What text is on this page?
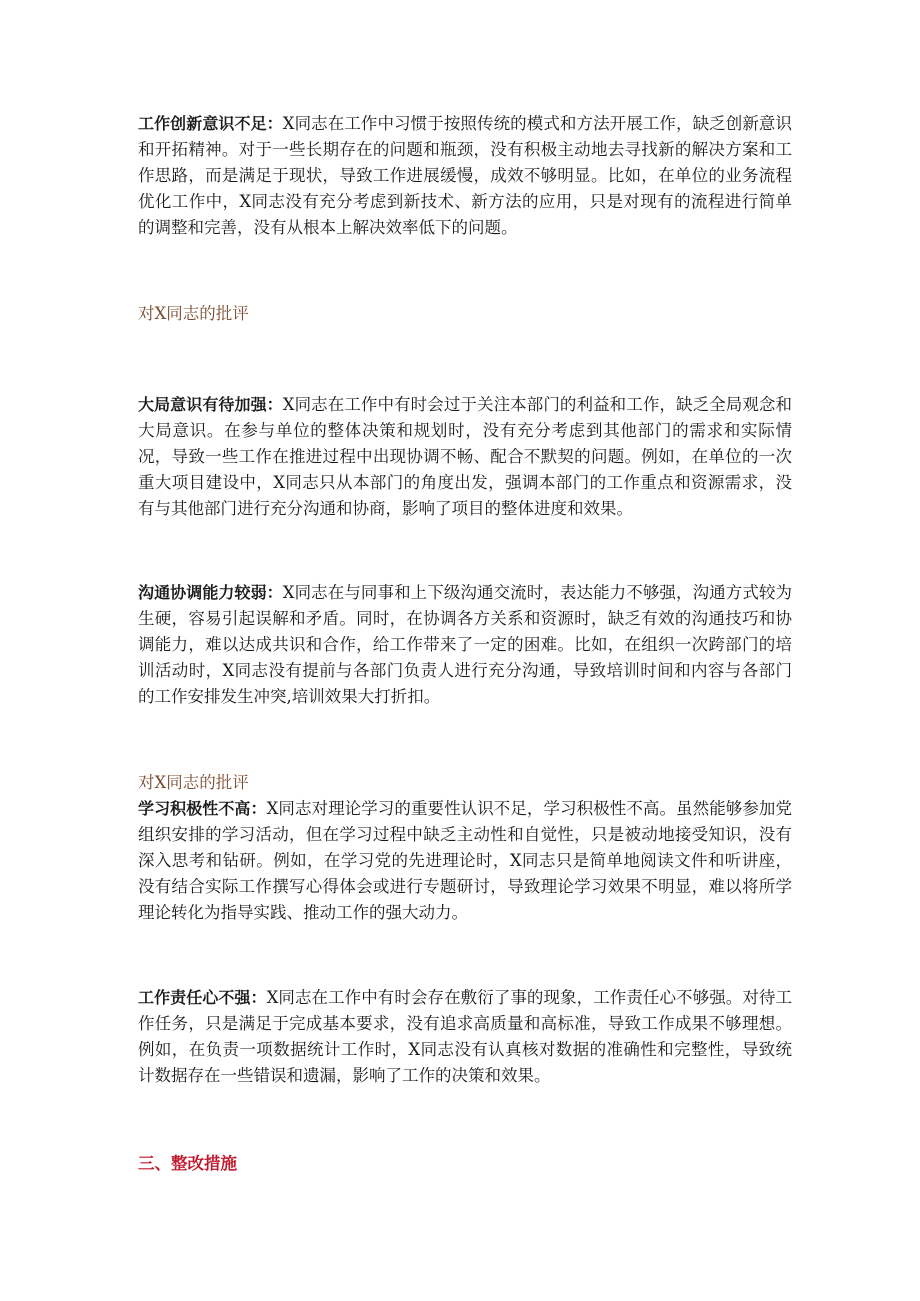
工作创新意识不足：X同志在工作中习惯于按照传统的模式和方法开展工作，缺乏创新意识和开拓精神。对于一些长期存在的问题和瓶颈，没有积极主动地去寻找新的解决方案和工作思路，而是满足于现状，导致工作进展缓慢，成效不够明显。比如，在单位的业务流程优化工作中，X同志没有充分考虑到新技术、新方法的应用，只是对现有的流程进行简单的调整和完善，没有从根本上解决效率低下的问题。

对X同志的批评

大局意识有待加强：X同志在工作中有时会过于关注本部门的利益和工作，缺乏全局观念和大局意识。在参与单位的整体决策和规划时，没有充分考虑到其他部门的需求和实际情况，导致一些工作在推进过程中出现协调不畅、配合不默契的问题。例如，在单位的一次重大项目建设中，X同志只从本部门的角度出发，强调本部门的工作重点和资源需求，没有与其他部门进行充分沟通和协商，影响了项目的整体进度和效果。

沟通协调能力较弱：X同志在与同事和上下级沟通交流时，表达能力不够强，沟通方式较为生硬，容易引起误解和矛盾。同时，在协调各方关系和资源时，缺乏有效的沟通技巧和协调能力，难以达成共识和合作，给工作带来了一定的困难。比如，在组织一次跨部门的培训活动时，X同志没有提前与各部门负责人进行充分沟通，导致培训时间和内容与各部门的工作安排发生冲突,培训效果大打折扣。

对X同志的批评

学习积极性不高：X同志对理论学习的重要性认识不足，学习积极性不高。虽然能够参加党组织安排的学习活动，但在学习过程中缺乏主动性和自觉性，只是被动地接受知识，没有深入思考和钻研。例如，在学习党的先进理论时，X同志只是简单地阅读文件和听讲座，没有结合实际工作撰写心得体会或进行专题研讨，导致理论学习效果不明显，难以将所学理论转化为指导实践、推动工作的强大动力。

工作责任心不强：X同志在工作中有时会存在敷衍了事的现象，工作责任心不够强。对待工作任务，只是满足于完成基本要求，没有追求高质量和高标准，导致工作成果不够理想。例如，在负责一项数据统计工作时，X同志没有认真核对数据的准确性和完整性，导致统计数据存在一些错误和遗漏，影响了工作的决策和效果。

三、整改措施
